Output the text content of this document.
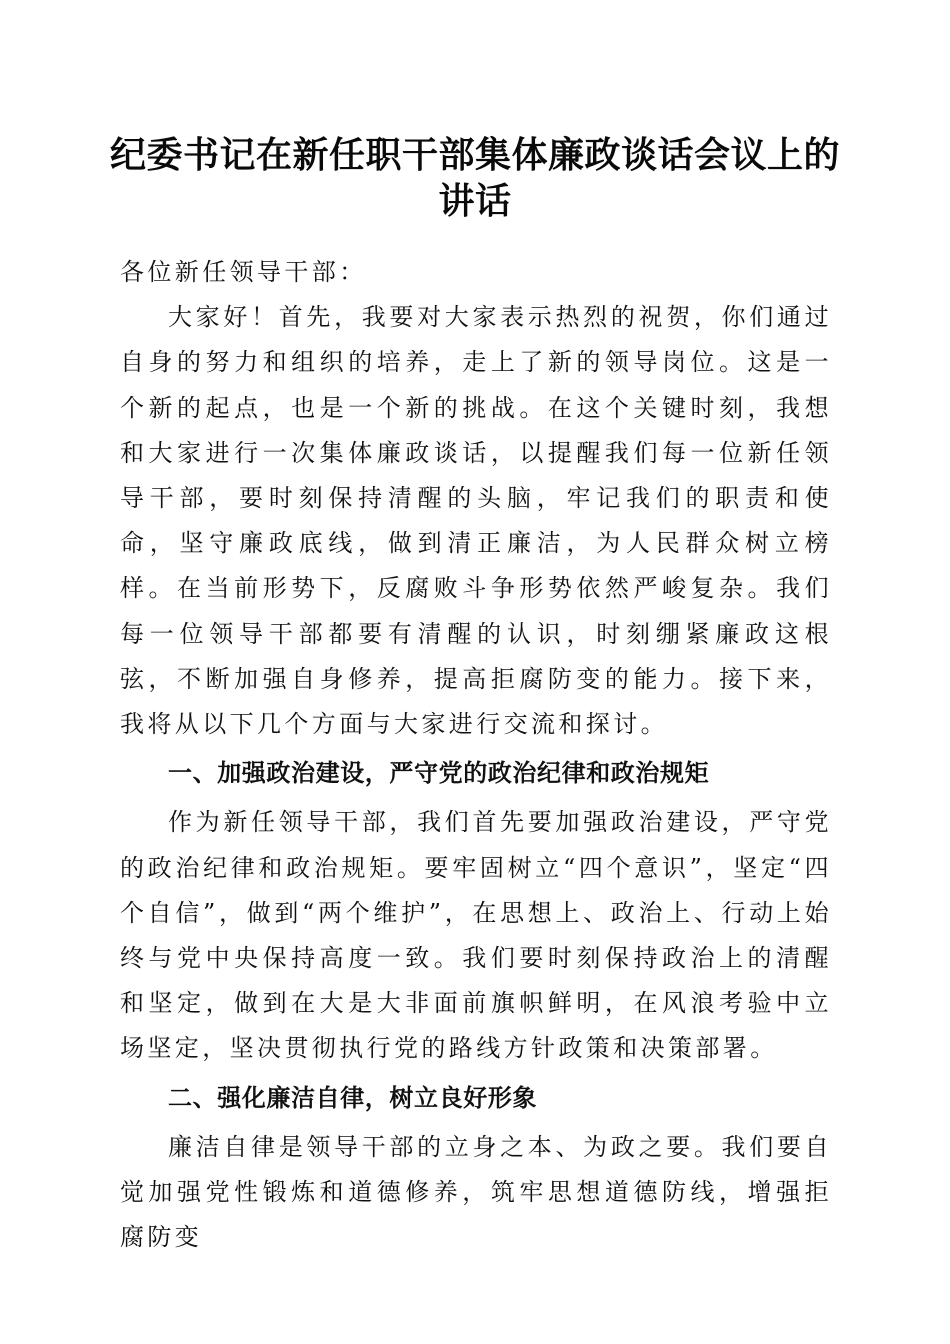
纪委书记在新任职干部集体廉政谈话会议上的讲话

各位新任领导干部：

大家好！首先，我要对大家表示热烈的祝贺，你们通过自身的努力和组织的培养，走上了新的领导岗位。这是一个新的起点，也是一个新的挑战。在这个关键时刻，我想和大家进行一次集体廉政谈话，以提醒我们每一位新任领导干部，要时刻保持清醒的头脑，牢记我们的职责和使命，坚守廉政底线，做到清正廉洁，为人民群众树立榜样。在当前形势下，反腐败斗争形势依然严峻复杂。我们每一位领导干部都要有清醒的认识，时刻绷紧廉政这根弦，不断加强自身修养，提高拒腐防变的能力。接下来，我将从以下几个方面与大家进行交流和探讨。

一、加强政治建设，严守党的政治纪律和政治规矩

作为新任领导干部，我们首先要加强政治建设，严守党的政治纪律和政治规矩。要牢固树立“四个意识”，坚定“四个自信”，做到“两个维护”，在思想上、政治上、行动上始终与党中央保持高度一致。我们要时刻保持政治上的清醒和坚定，做到在大是大非面前旗帜鲜明，在风浪考验中立场坚定，坚决贯彻执行党的路线方针政策和决策部署。

二、强化廉洁自律，树立良好形象

廉洁自律是领导干部的立身之本、为政之要。我们要自觉加强党性锻炼和道德修养，筑牢思想道德防线，增强拒腐防变
